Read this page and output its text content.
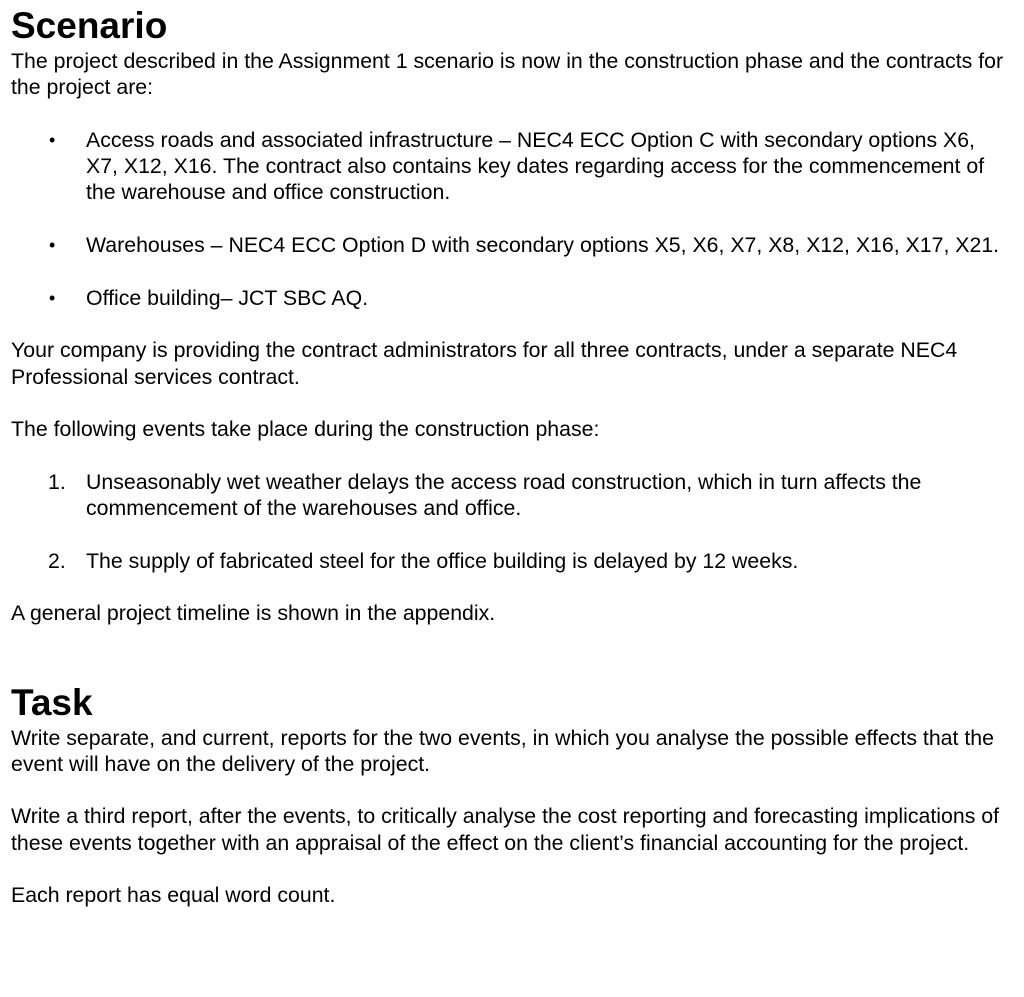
Scenario

The project described in the Assignment 1 scenario is now in the construction phase and the contracts for the project are:

•	Access roads and associated infrastructure – NEC4 ECC Option C with secondary options X6, X7, X12, X16. The contract also contains key dates regarding access for the commencement of the warehouse and office construction.
•	Warehouses – NEC4 ECC Option D with secondary options X5, X6, X7, X8, X12, X16, X17, X21.
•	Office building– JCT SBC AQ.

Your company is providing the contract administrators for all three contracts, under a separate NEC4 Professional services contract.

The following events take place during the construction phase:

1. Unseasonably wet weather delays the access road construction, which in turn affects the commencement of the warehouses and office.
2. The supply of fabricated steel for the office building is delayed by 12 weeks.

A general project timeline is shown in the appendix.

Task

Write separate, and current, reports for the two events, in which you analyse the possible effects that the event will have on the delivery of the project.

Write a third report, after the events, to critically analyse the cost reporting and forecasting implications of these events together with an appraisal of the effect on the client’s financial accounting for the project.

Each report has equal word count.
